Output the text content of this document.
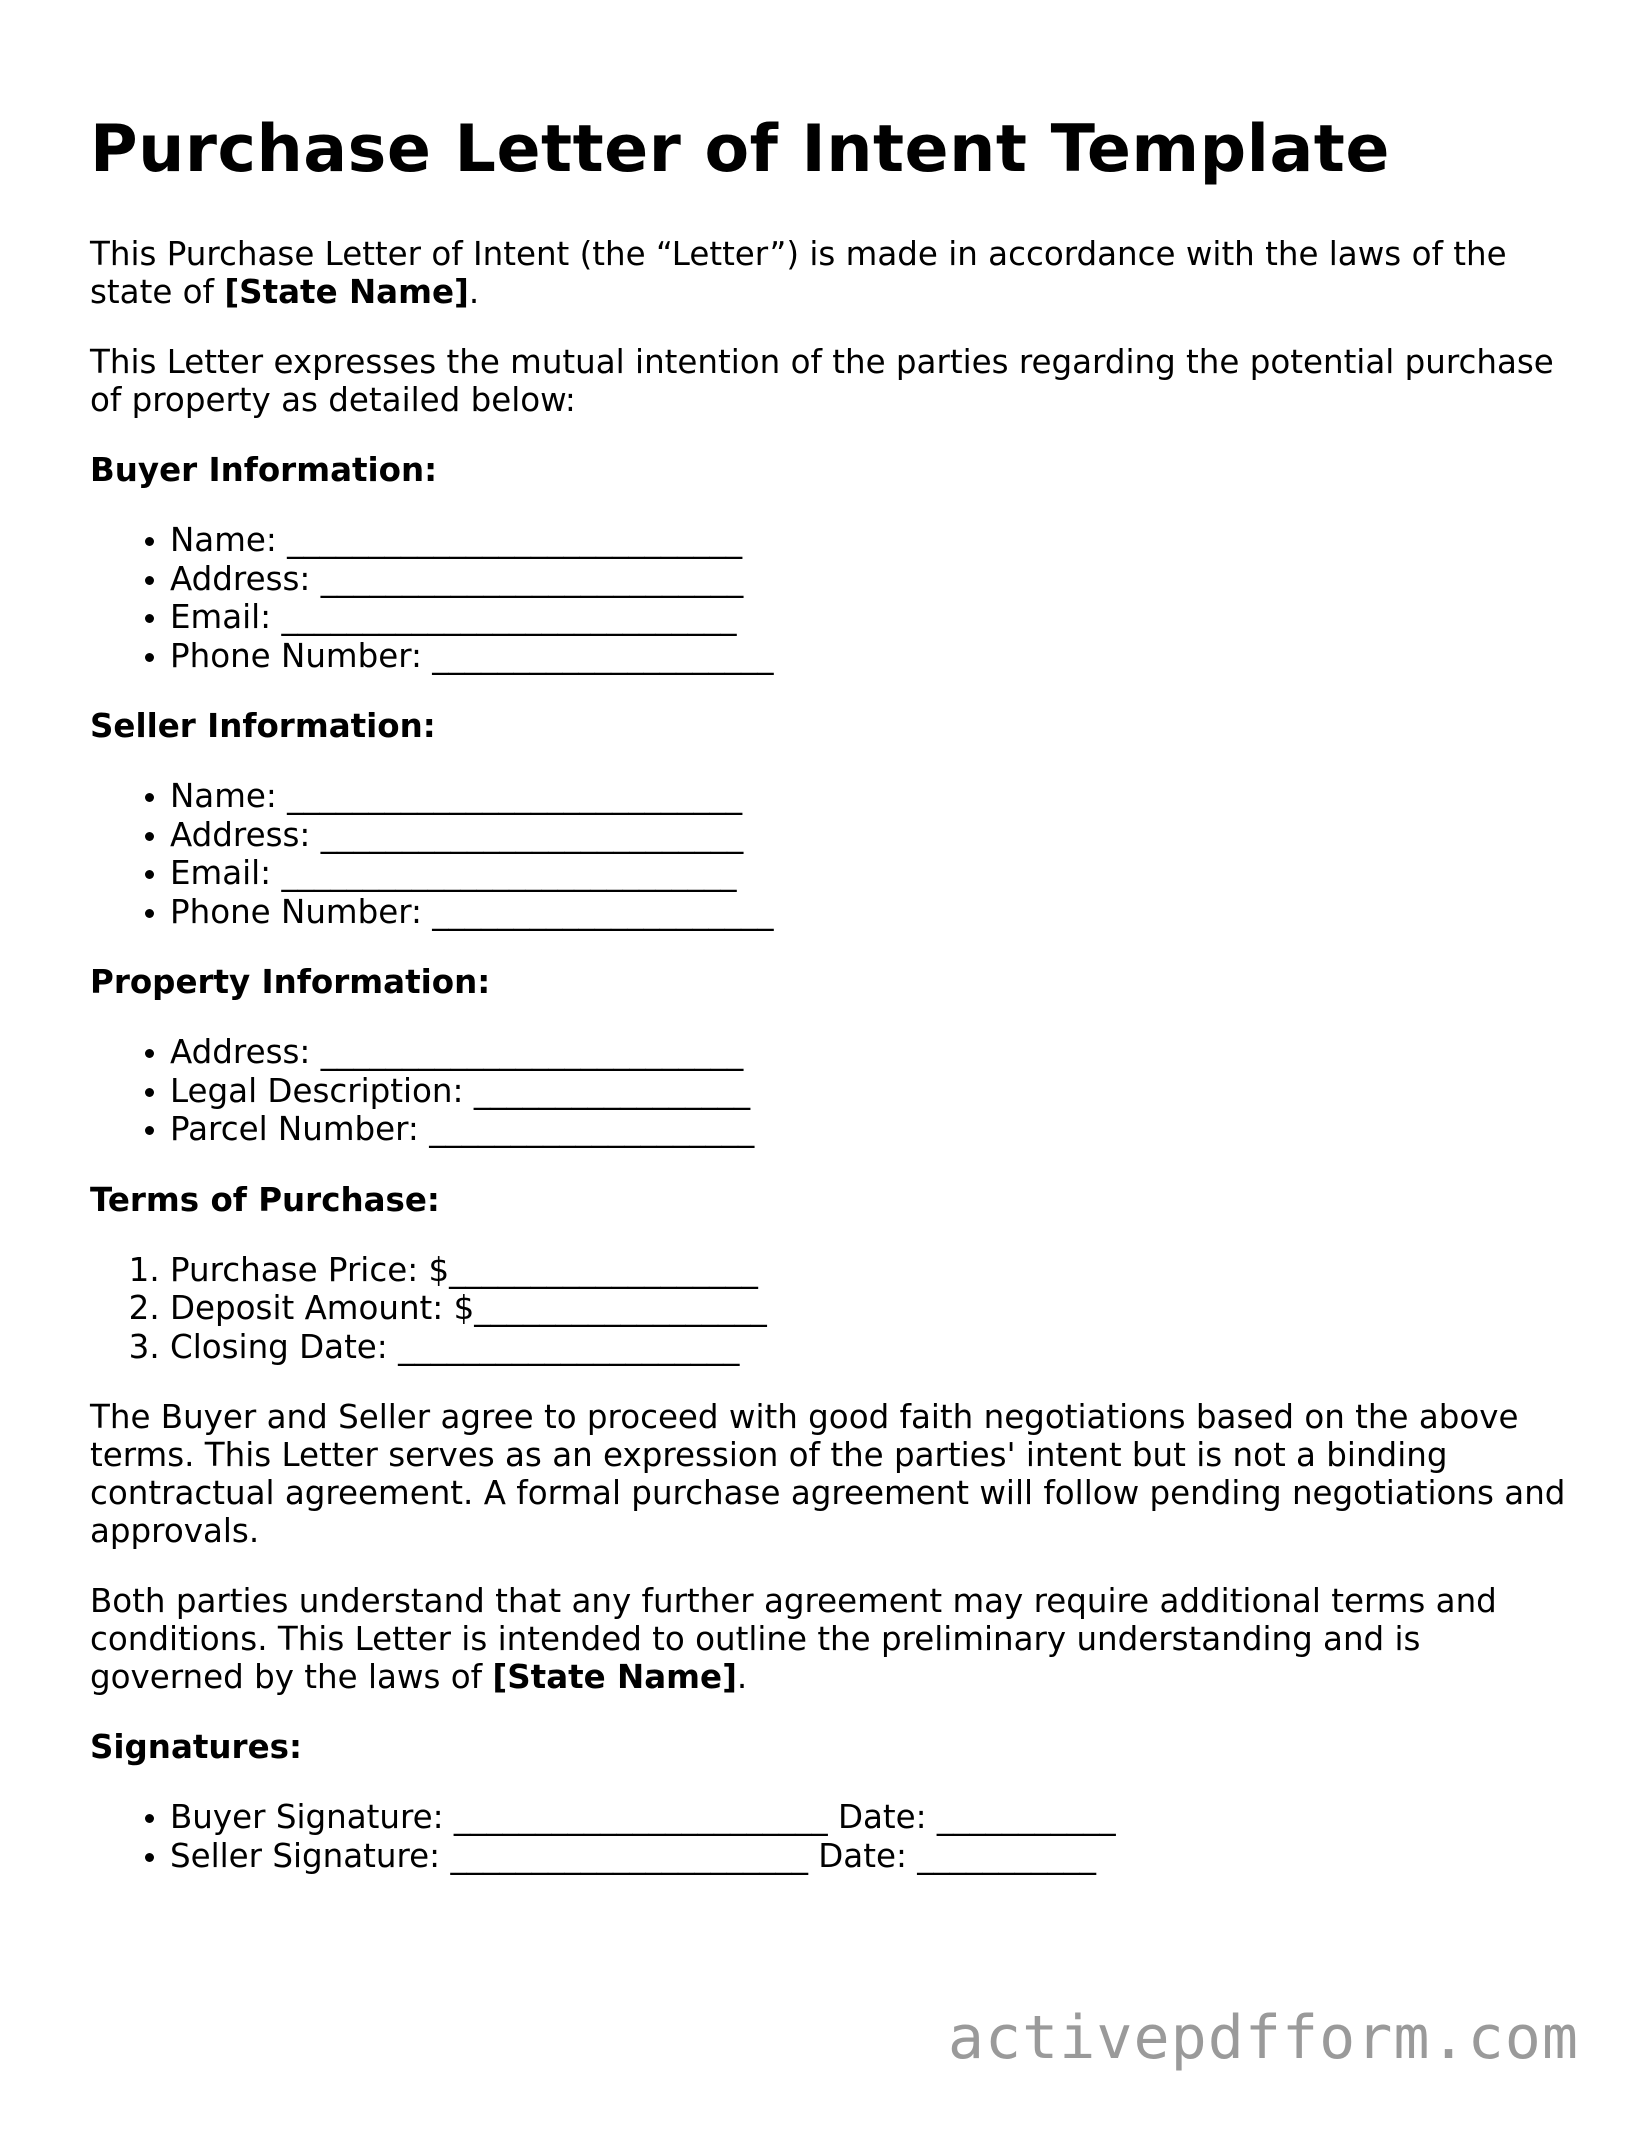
Purchase Letter of Intent Template

This Purchase Letter of Intent (the “Letter”) is made in accordance with the laws of the state of [State Name].

This Letter expresses the mutual intention of the parties regarding the potential purchase of property as detailed below:

Buyer Information:
• Name: ____________________________
• Address: __________________________
• Email: ____________________________
• Phone Number: _____________________
Seller Information:
• Name: ____________________________
• Address: __________________________
• Email: ____________________________
• Phone Number: _____________________
Property Information:
• Address: __________________________
• Legal Description: _________________
• Parcel Number: ____________________
Terms of Purchase:
1. Purchase Price: $___________________
2. Deposit Amount: $__________________
3. Closing Date: _____________________

The Buyer and Seller agree to proceed with good faith negotiations based on the above terms. This Letter serves as an expression of the parties' intent but is not a binding contractual agreement. A formal purchase agreement will follow pending negotiations and approvals.

Both parties understand that any further agreement may require additional terms and conditions. This Letter is intended to outline the preliminary understanding and is governed by the laws of [State Name].

Signatures:
• Buyer Signature: _______________________ Date: ___________
• Seller Signature: ______________________ Date: ___________
activepdfform.com
